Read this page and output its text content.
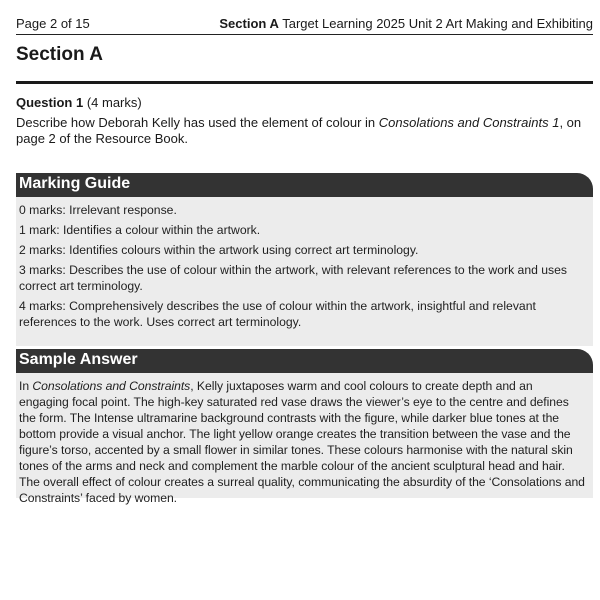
Page 2 of 15	Section A Target Learning 2025 Unit 2 Art Making and Exhibiting
Section A
Question 1 (4 marks)

Describe how Deborah Kelly has used the element of colour in Consolations and Constraints 1, on page 2 of the Resource Book.

Marking Guide
0 marks: Irrelevant response.
1 mark: Identifies a colour within the artwork.
2 marks: Identifies colours within the artwork using correct art terminology.
3 marks: Describes the use of colour within the artwork, with relevant references to the work and uses correct art terminology.
4 marks: Comprehensively describes the use of colour within the artwork, insightful and relevant references to the work. Uses correct art terminology.
Sample Answer

In Consolations and Constraints, Kelly juxtaposes warm and cool colours to create depth and an engaging focal point. The high-key saturated red vase draws the viewer’s eye to the centre and defines the form. The Intense ultramarine background contrasts with the figure, while darker blue tones at the bottom provide a visual anchor. The light yellow orange creates the transition between the vase and the figure’s torso, accented by a small flower in similar tones. These colours harmonise with the natural skin tones of the arms and neck and complement the marble colour of the ancient sculptural head and hair. The overall effect of colour creates a surreal quality, communicating the absurdity of the ‘Consolations and Constraints’ faced by women.
